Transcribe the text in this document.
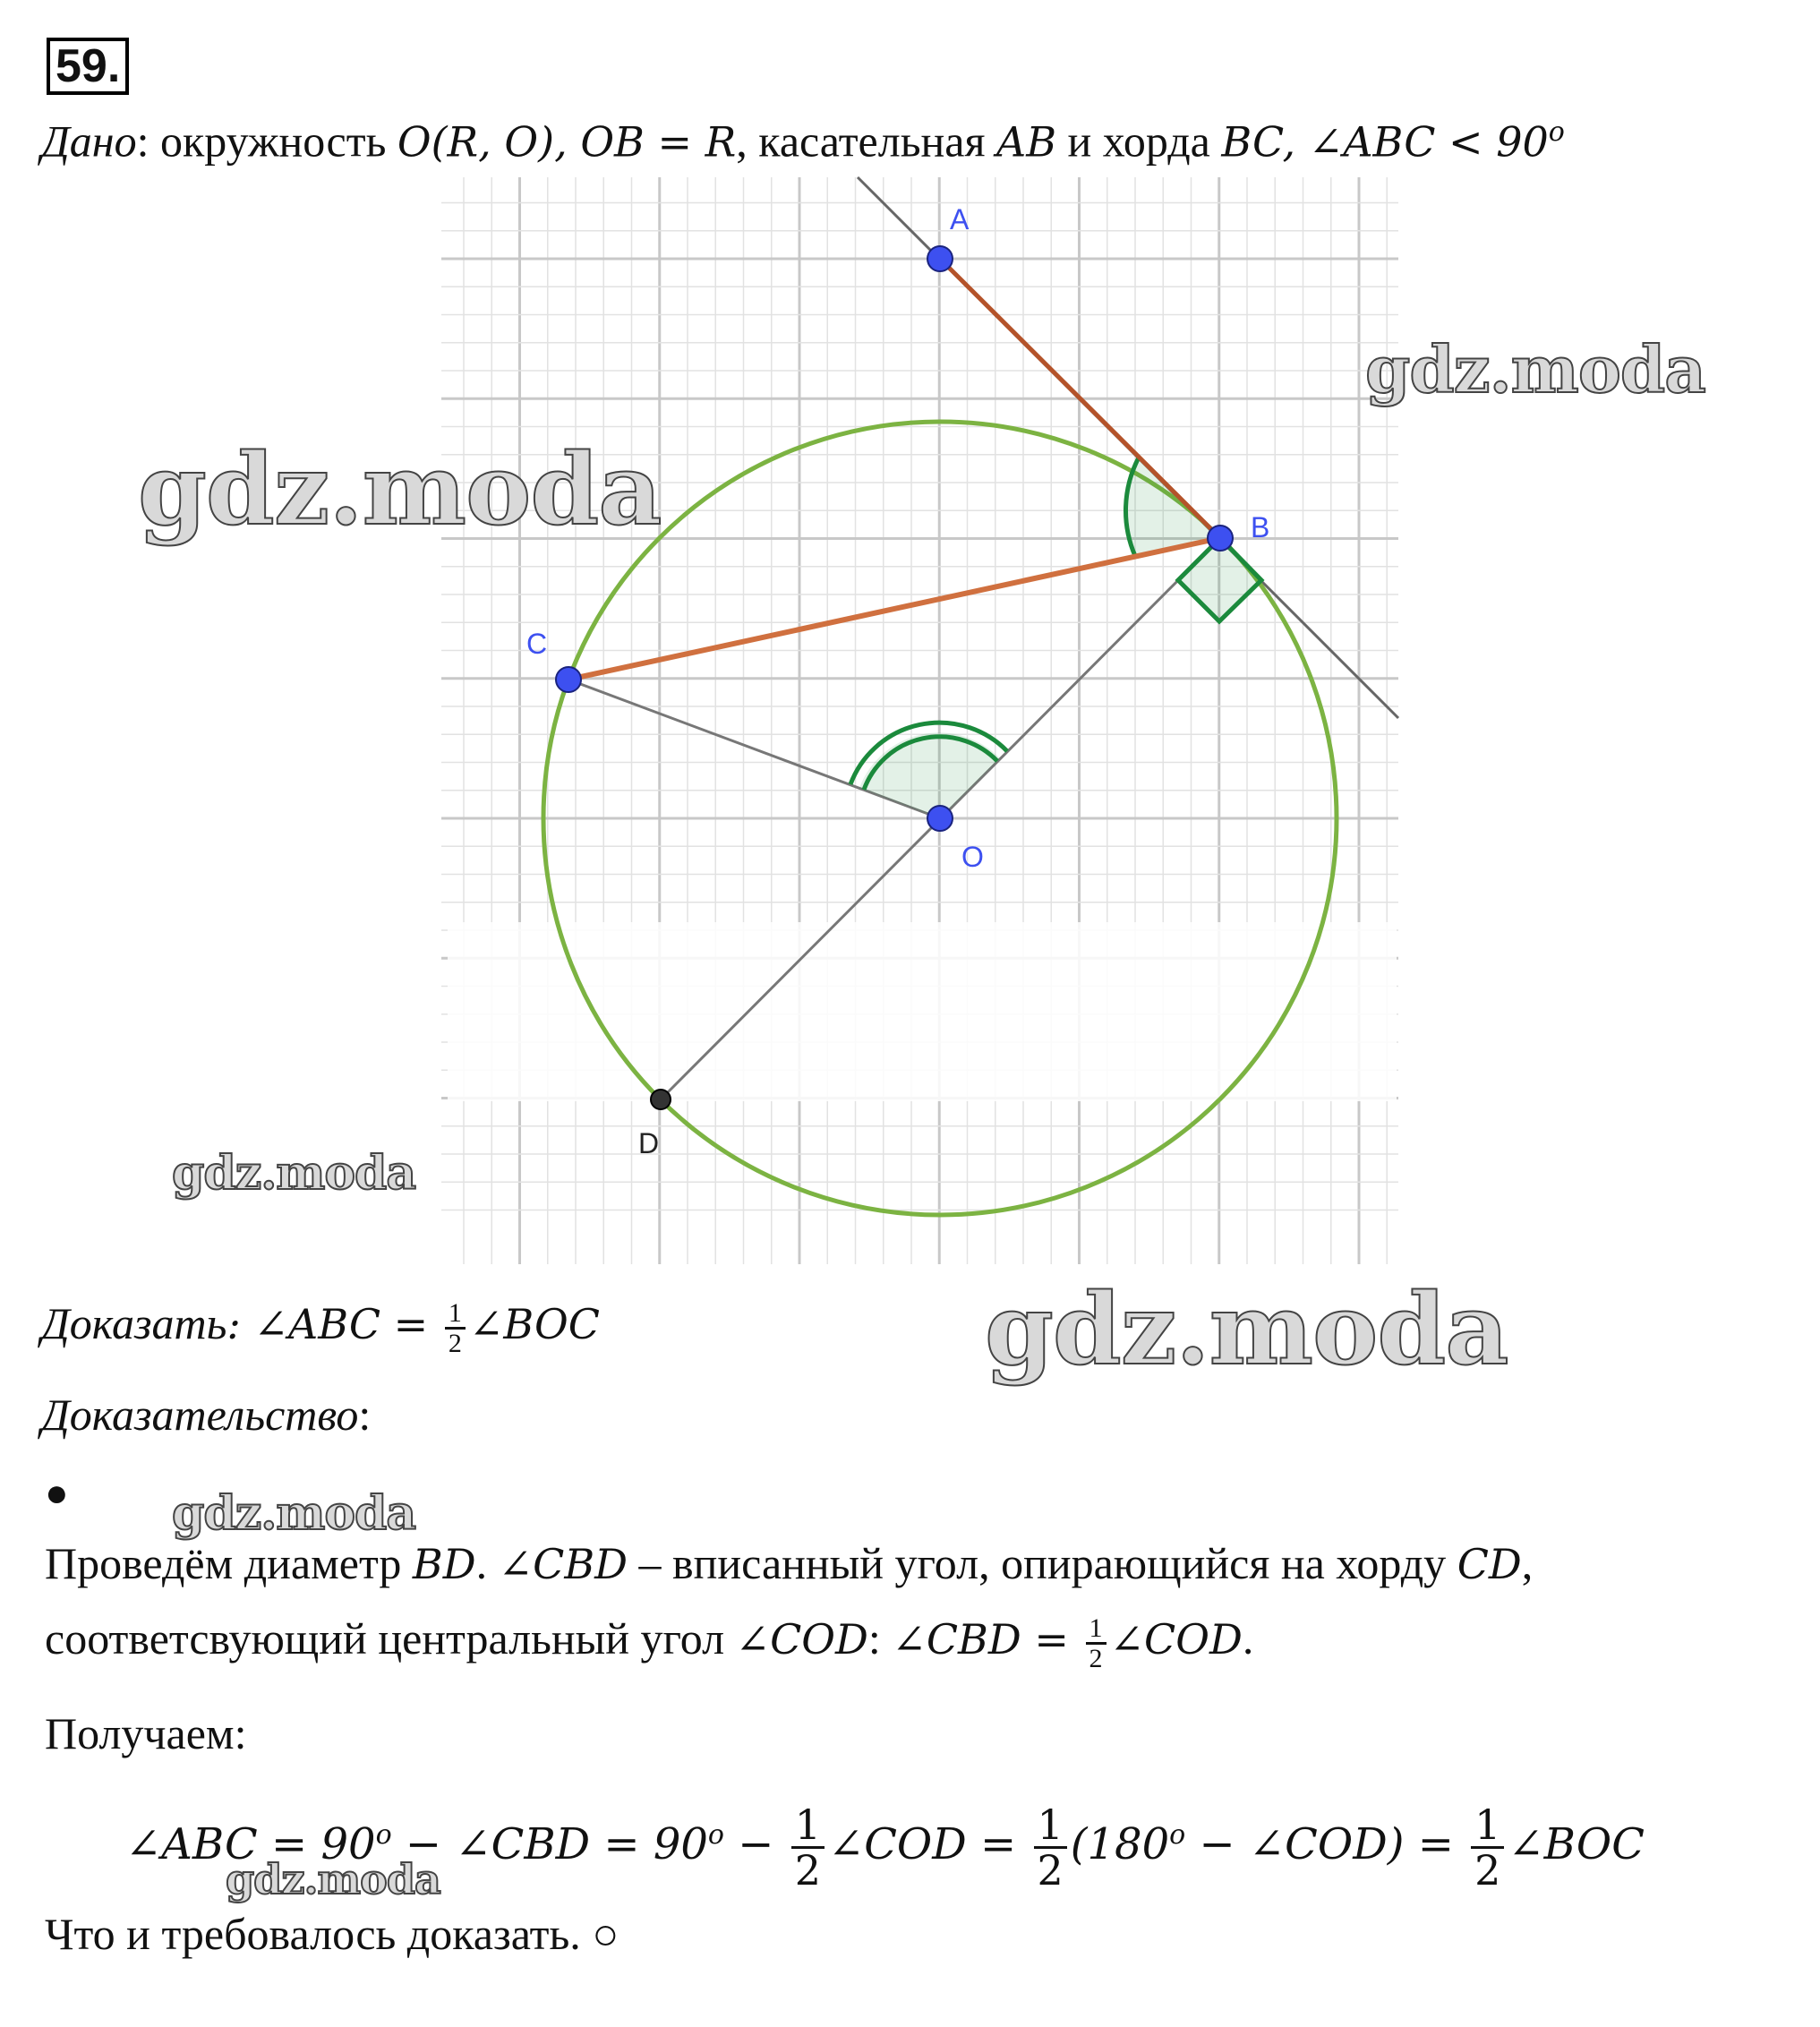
59.
Дано: окружность O(R, O), OB = R, касательная AB и хорда BC, ∠ABC < $90^o$
A
B
C
O
D
gdz.moda
gdz.moda
gdz.moda
gdz.moda
gdz.moda
gdz.moda
Доказать: ∠ABC = $\frac{1}{2}$ ∠BOC
Доказательство:
●
Проведём диаметр BD. ∠CBD – вписанный угол, опирающийся на хорду CD,
соответсвующий центральный угол ∠COD: ∠CBD = $\frac{1}{2}$ ∠COD.
Получаем:
∠ABC = $90^o$ − ∠CBD = $90^o - \frac{1}{2}$ ∠COD = $\frac{1}{2} (180^o$ − ∠COD) = $\frac{1}{2}$ ∠BOC
Что и требовалось доказать. ○
